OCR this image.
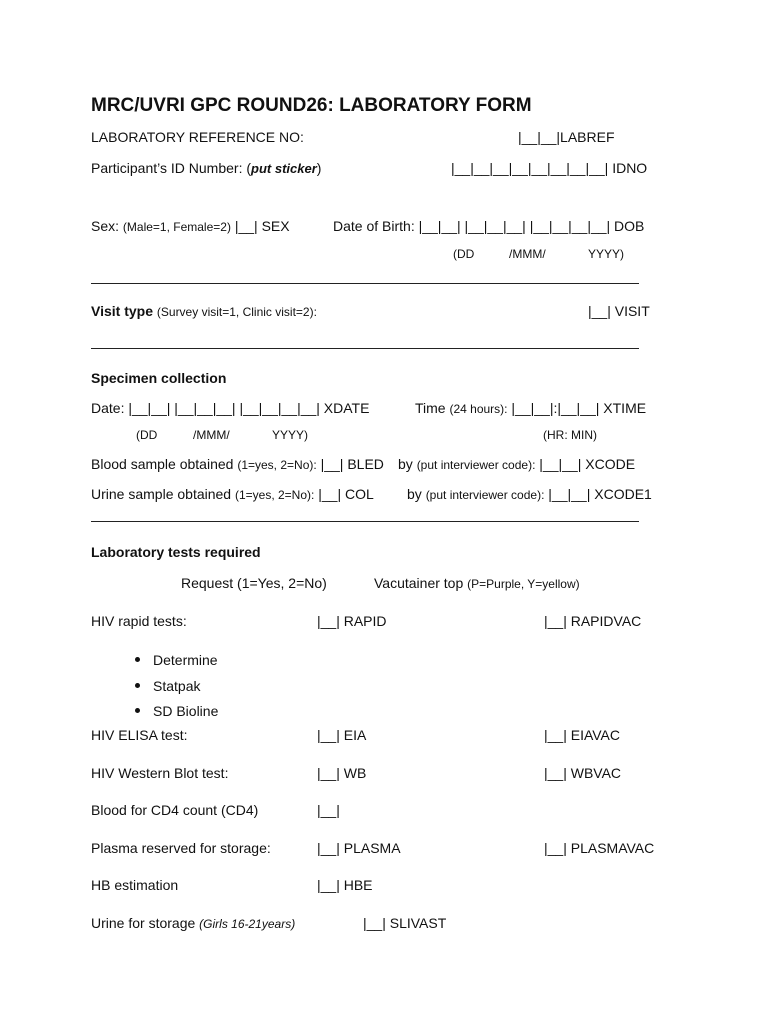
MRC/UVRI GPC ROUND26: LABORATORY FORM
LABORATORY REFERENCE NO:	|__|__|LABREF
Participant’s ID Number: (put sticker)	|__|__|__|__|__|__|__|__| IDNO
Sex: (Male=1, Female=2) |__| SEX	Date of Birth: |__|__| |__|__|__| |__|__|__|__| DOB
(DD	/MMM/	YYYY)
Visit type (Survey visit=1, Clinic visit=2):	|__| VISIT
Specimen collection
Date: |__|__| |__|__|__| |__|__|__|__| XDATE	Time (24 hours): |__|__|:|__|__| XTIME
(DD	/MMM/	YYYY)	(HR: MIN)
Blood sample obtained (1=yes, 2=No): |__| BLED by (put interviewer code): |__|__| XCODE
Urine sample obtained (1=yes, 2=No): |__| COL by (put interviewer code): |__|__| XCODE1
Laboratory tests required
Request (1=Yes, 2=No)	Vacutainer top (P=Purple, Y=yellow)
HIV rapid tests:	|__| RAPID	|__| RAPIDVAC
Determine
Statpak
SD Bioline
HIV ELISA test:	|__| EIA	|__| EIAVAC
HIV Western Blot test:	|__| WB	|__| WBVAC
Blood for CD4 count (CD4)	|__|
Plasma reserved for storage:	|__| PLASMA	|__| PLASMAVAC
HB estimation	|__| HBE
Urine for storage (Girls 16-21years)	|__| SLIVAST
